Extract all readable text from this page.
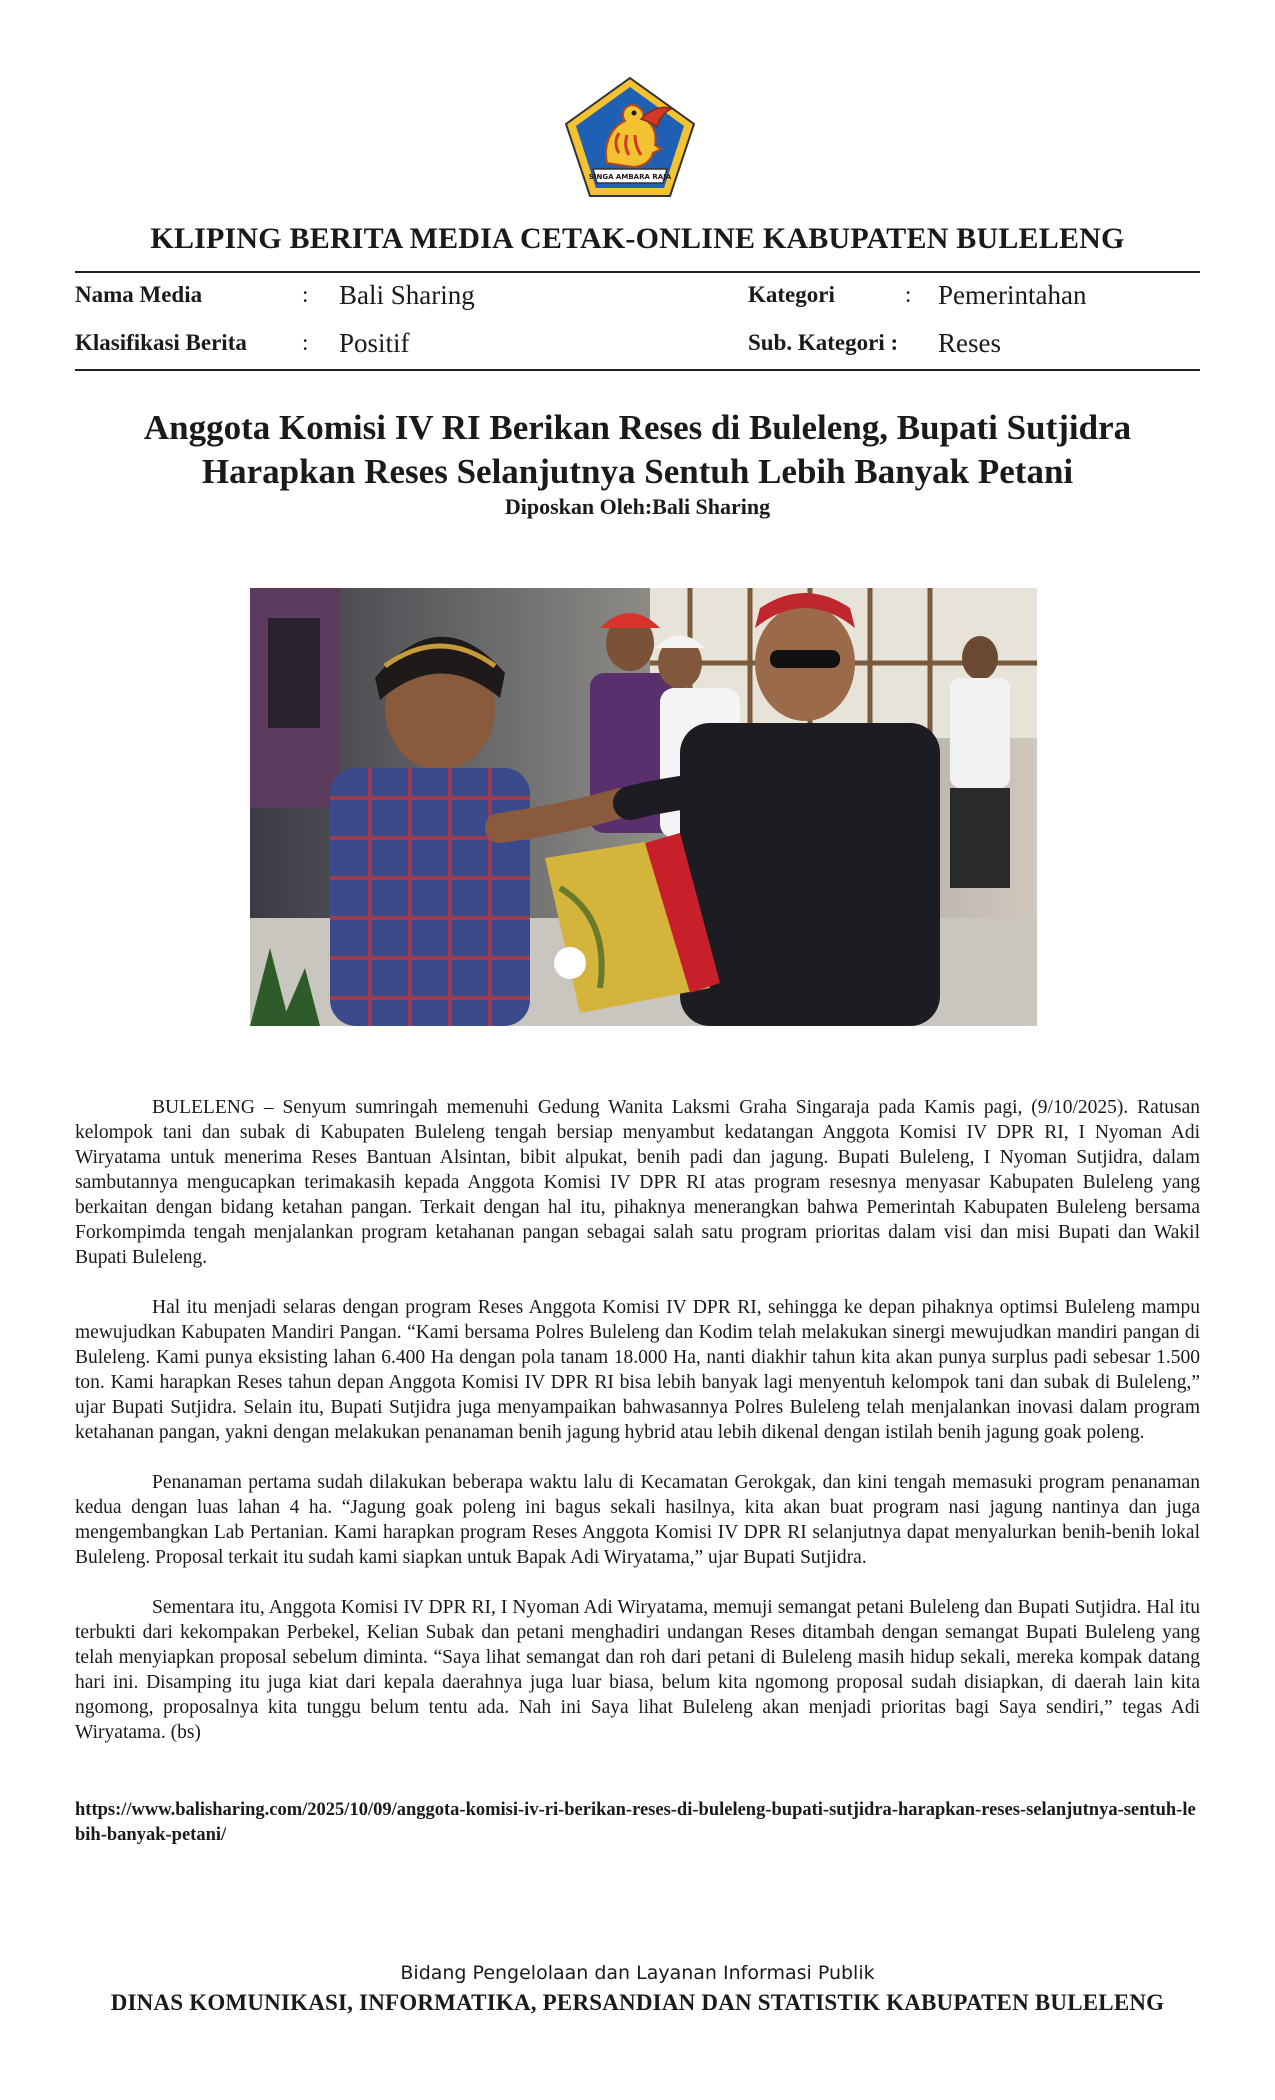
SINGA AMBARA RAJA
KLIPING BERITA MEDIA CETAK-ONLINE KABUPATEN BULELENG
Nama Media	: Bali Sharing	Kategori	: Pemerintahan
Klasifikasi Berita : Positif	Sub. Kategori : Reses
Anggota Komisi IV RI Berikan Reses di Buleleng, Bupati Sutjidra Harapkan Reses Selanjutnya Sentuh Lebih Banyak Petani
Diposkan Oleh:Bali Sharing

BULELENG – Senyum sumringah memenuhi Gedung Wanita Laksmi Graha Singaraja pada Kamis pagi, (9/10/2025). Ratusan kelompok tani dan subak di Kabupaten Buleleng tengah bersiap menyambut kedatangan Anggota Komisi IV DPR RI, I Nyoman Adi Wiryatama untuk menerima Reses Bantuan Alsintan, bibit alpukat, benih padi dan jagung. Bupati Buleleng, I Nyoman Sutjidra, dalam sambutannya mengucapkan terimakasih kepada Anggota Komisi IV DPR RI atas program resesnya menyasar Kabupaten Buleleng yang berkaitan dengan bidang ketahan pangan. Terkait dengan hal itu, pihaknya menerangkan bahwa Pemerintah Kabupaten Buleleng bersama Forkompimda tengah menjalankan program ketahanan pangan sebagai salah satu program prioritas dalam visi dan misi Bupati dan Wakil Bupati Buleleng.

Hal itu menjadi selaras dengan program Reses Anggota Komisi IV DPR RI, sehingga ke depan pihaknya optimsi Buleleng mampu mewujudkan Kabupaten Mandiri Pangan. “Kami bersama Polres Buleleng dan Kodim telah melakukan sinergi mewujudkan mandiri pangan di Buleleng. Kami punya eksisting lahan 6.400 Ha dengan pola tanam 18.000 Ha, nanti diakhir tahun kita akan punya surplus padi sebesar 1.500 ton. Kami harapkan Reses tahun depan Anggota Komisi IV DPR RI bisa lebih banyak lagi menyentuh kelompok tani dan subak di Buleleng,” ujar Bupati Sutjidra. Selain itu, Bupati Sutjidra juga menyampaikan bahwasannya Polres Buleleng telah menjalankan inovasi dalam program ketahanan pangan, yakni dengan melakukan penanaman benih jagung hybrid atau lebih dikenal dengan istilah benih jagung goak poleng.

Penanaman pertama sudah dilakukan beberapa waktu lalu di Kecamatan Gerokgak, dan kini tengah memasuki program penanaman kedua dengan luas lahan 4 ha. “Jagung goak poleng ini bagus sekali hasilnya, kita akan buat program nasi jagung nantinya dan juga mengembangkan Lab Pertanian. Kami harapkan program Reses Anggota Komisi IV DPR RI selanjutnya dapat menyalurkan benih-benih lokal Buleleng. Proposal terkait itu sudah kami siapkan untuk Bapak Adi Wiryatama,” ujar Bupati Sutjidra.

Sementara itu, Anggota Komisi IV DPR RI, I Nyoman Adi Wiryatama, memuji semangat petani Buleleng dan Bupati Sutjidra. Hal itu terbukti dari kekompakan Perbekel, Kelian Subak dan petani menghadiri undangan Reses ditambah dengan semangat Bupati Buleleng yang telah menyiapkan proposal sebelum diminta. “Saya lihat semangat dan roh dari petani di Buleleng masih hidup sekali, mereka kompak datang hari ini. Disamping itu juga kiat dari kepala daerahnya juga luar biasa, belum kita ngomong proposal sudah disiapkan, di daerah lain kita ngomong, proposalnya kita tunggu belum tentu ada. Nah ini Saya lihat Buleleng akan menjadi prioritas bagi Saya sendiri,” tegas Adi Wiryatama. (bs)

https://www.balisharing.com/2025/10/09/anggota-komisi-iv-ri-berikan-reses-di-buleleng-bupati-sutjidra-harapkan-reses-selanjutnya-sentuh-lebih-banyak-petani/
Bidang Pengelolaan dan Layanan Informasi Publik
DINAS KOMUNIKASI, INFORMATIKA, PERSANDIAN DAN STATISTIK KABUPATEN BULELENG
